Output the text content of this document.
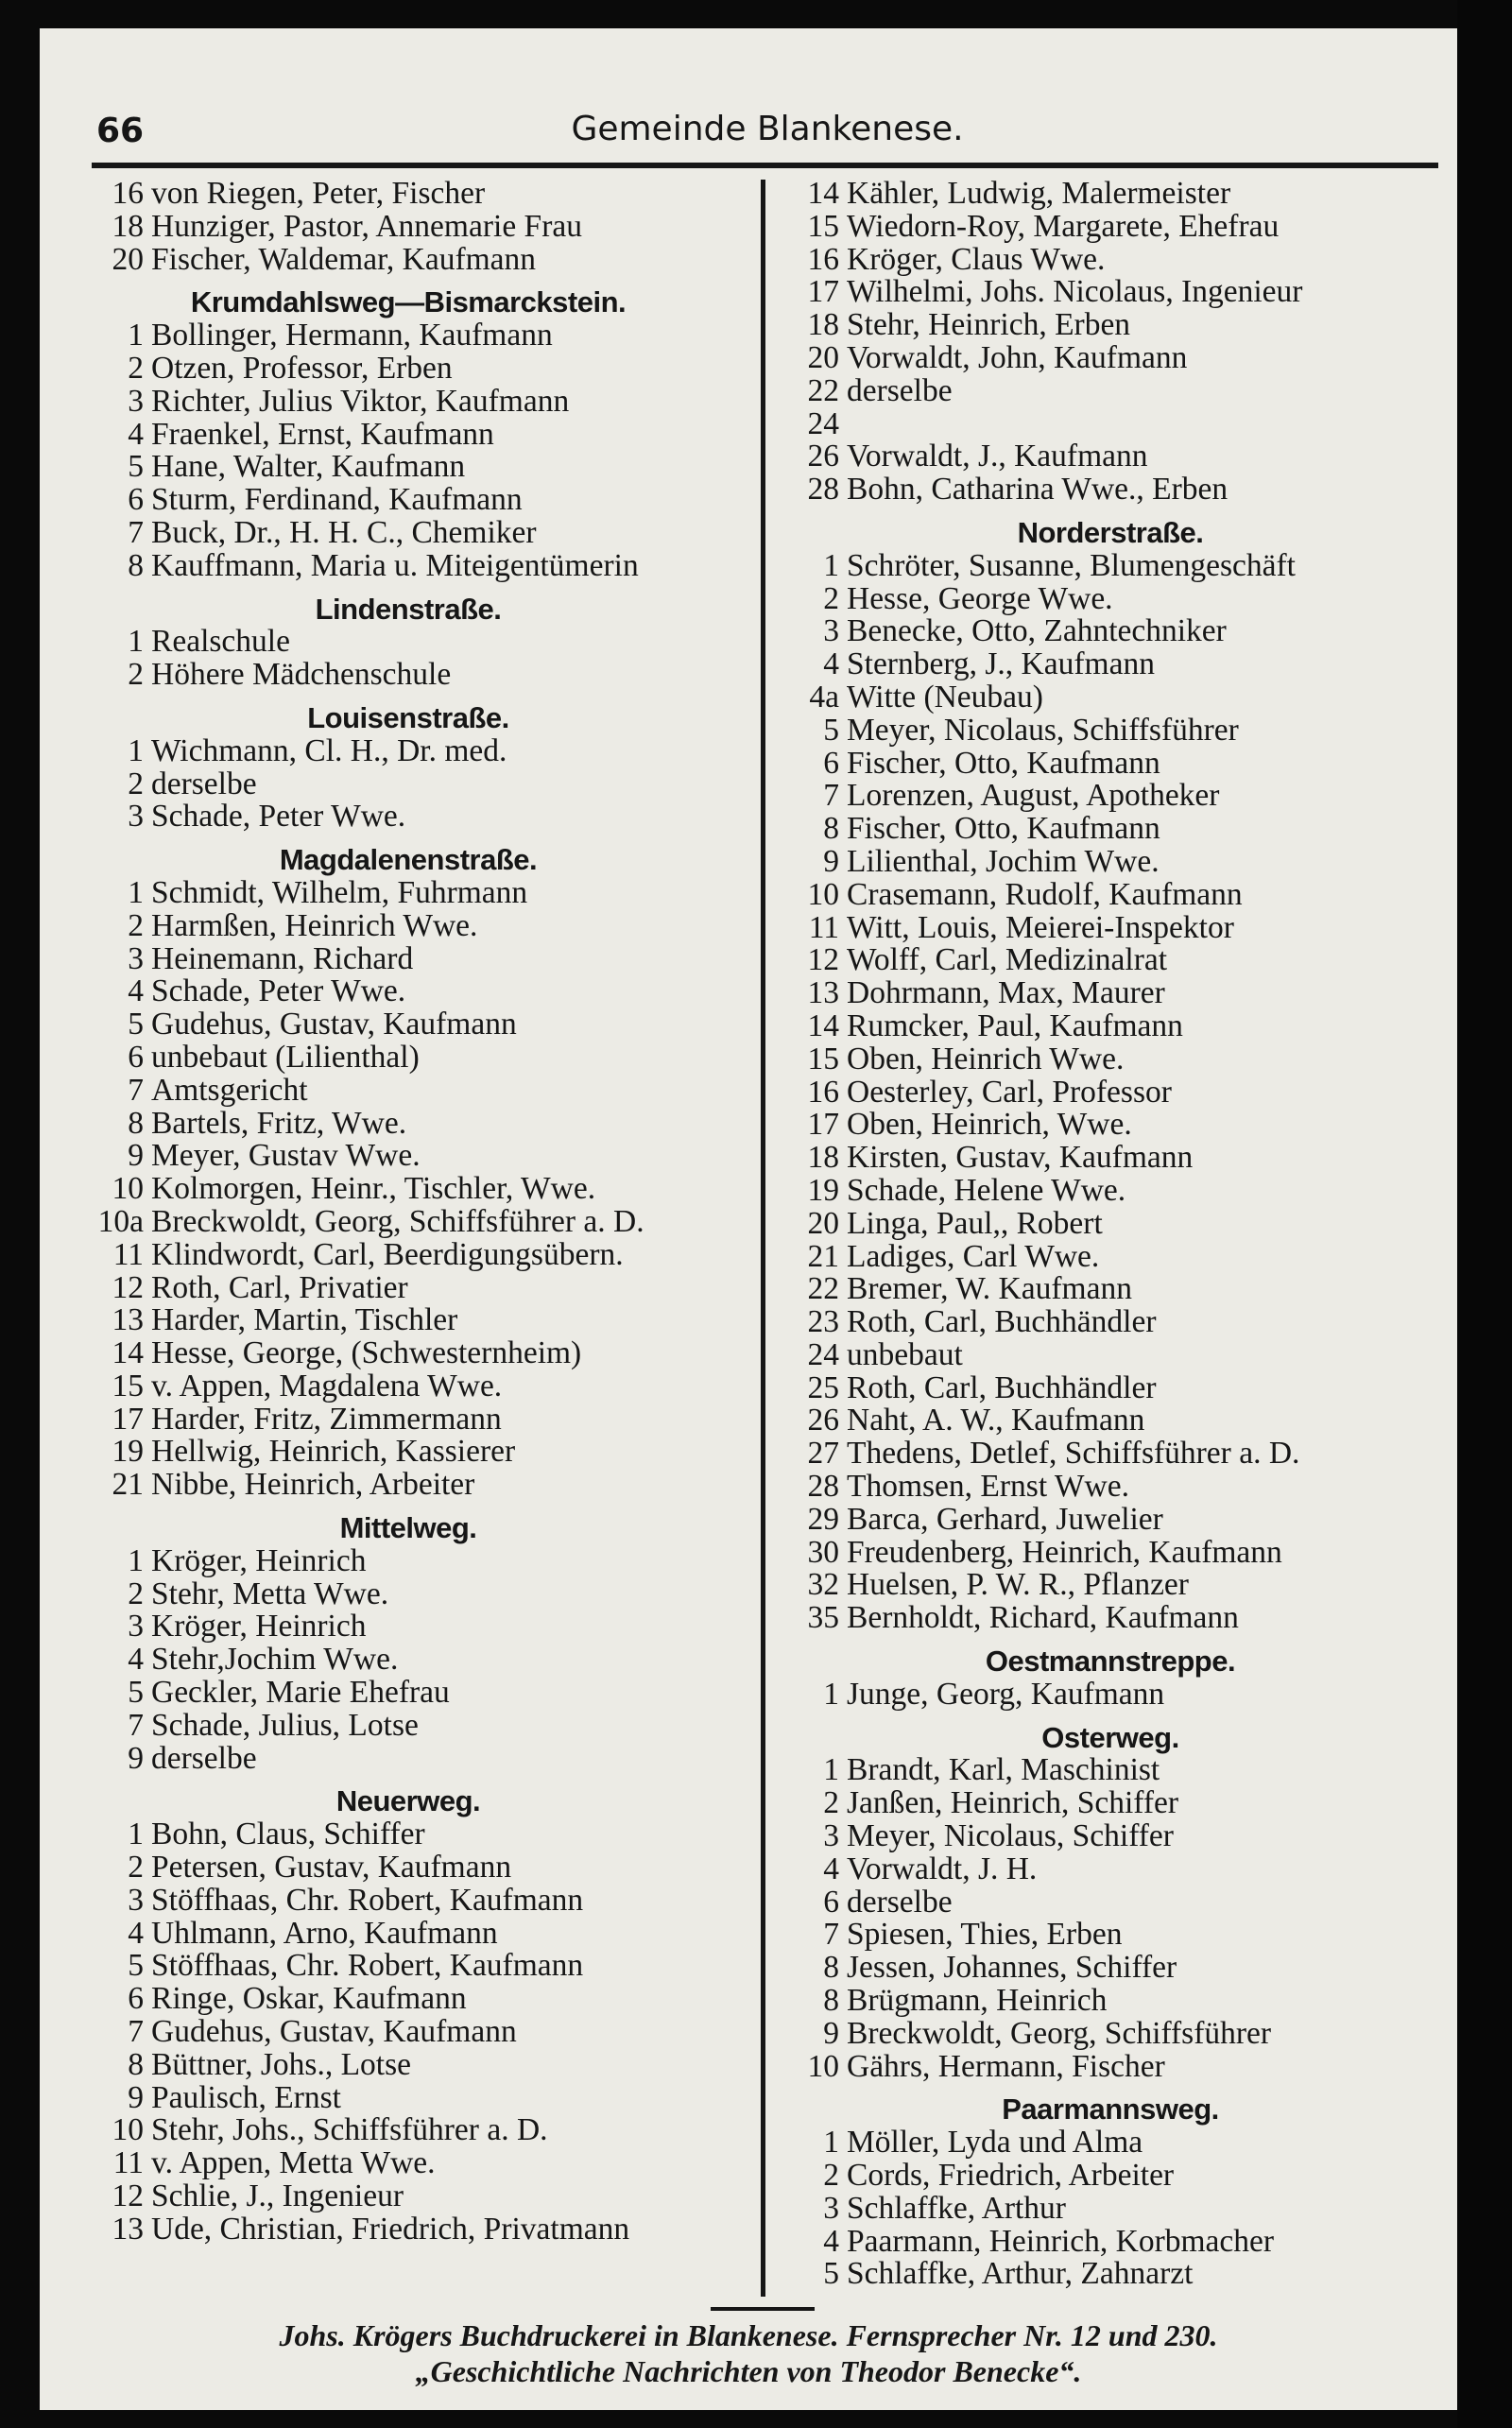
66	Gemeinde Blankenese.
16 von Riegen, Peter, Fischer
18 Hunziger, Pastor, Annemarie Frau
20 Fischer, Waldemar, Kaufmann
Krumdahlsweg—Bismarckstein.
1 Bollinger, Hermann, Kaufmann
2 Otzen, Professor, Erben
3 Richter, Julius Viktor, Kaufmann
4 Fraenkel, Ernst, Kaufmann
5 Hane, Walter, Kaufmann
6 Sturm, Ferdinand, Kaufmann
7 Buck, Dr., H. H. C., Chemiker
8 Kauffmann, Maria u. Miteigentümerin
Lindenstraße.
1 Realschule
2 Höhere Mädchenschule
Louisenstraße.
1 Wichmann, Cl. H., Dr. med.
2 derselbe
3 Schade, Peter Wwe.
Magdalenenstraße.
1 Schmidt, Wilhelm, Fuhrmann
2 Harmßen, Heinrich Wwe.
3 Heinemann, Richard
4 Schade, Peter Wwe.
5 Gudehus, Gustav, Kaufmann
6 unbebaut (Lilienthal)
7 Amtsgericht
8 Bartels, Fritz, Wwe.
9 Meyer, Gustav Wwe.
10 Kolmorgen, Heinr., Tischler, Wwe.
10a Breckwoldt, Georg, Schiffsführer a. D.
11 Klindwordt, Carl, Beerdigungsübern.
12 Roth, Carl, Privatier
13 Harder, Martin, Tischler
14 Hesse, George, (Schwesternheim)
15 v. Appen, Magdalena Wwe.
17 Harder, Fritz, Zimmermann
19 Hellwig, Heinrich, Kassierer
21 Nibbe, Heinrich, Arbeiter
Mittelweg.
1 Kröger, Heinrich
2 Stehr, Metta Wwe.
3 Kröger, Heinrich
4 Stehr,Jochim Wwe.
5 Geckler, Marie Ehefrau
7 Schade, Julius, Lotse
9 derselbe
Neuerweg.
1 Bohn, Claus, Schiffer
2 Petersen, Gustav, Kaufmann
3 Stöffhaas, Chr. Robert, Kaufmann
4 Uhlmann, Arno, Kaufmann
5 Stöffhaas, Chr. Robert, Kaufmann
6 Ringe, Oskar, Kaufmann
7 Gudehus, Gustav, Kaufmann
8 Büttner, Johs., Lotse
9 Paulisch, Ernst
10 Stehr, Johs., Schiffsführer a. D.
11 v. Appen, Metta Wwe.
12 Schlie, J., Ingenieur
13 Ude, Christian, Friedrich, Privatmann
14 Kähler, Ludwig, Malermeister
15 Wiedorn-Roy, Margarete, Ehefrau
16 Kröger, Claus Wwe.
17 Wilhelmi, Johs. Nicolaus, Ingenieur
18 Stehr, Heinrich, Erben
20 Vorwaldt, John, Kaufmann
22 derselbe
24
26 Vorwaldt, J., Kaufmann
28 Bohn, Catharina Wwe., Erben
Norderstraße.
1 Schröter, Susanne, Blumengeschäft
2 Hesse, George Wwe.
3 Benecke, Otto, Zahntechniker
4 Sternberg, J., Kaufmann
4a Witte (Neubau)
5 Meyer, Nicolaus, Schiffsführer
6 Fischer, Otto, Kaufmann
7 Lorenzen, August, Apotheker
8 Fischer, Otto, Kaufmann
9 Lilienthal, Jochim Wwe.
10 Crasemann, Rudolf, Kaufmann
11 Witt, Louis, Meierei-Inspektor
12 Wolff, Carl, Medizinalrat
13 Dohrmann, Max, Maurer
14 Rumcker, Paul, Kaufmann
15 Oben, Heinrich Wwe.
16 Oesterley, Carl, Professor
17 Oben, Heinrich, Wwe.
18 Kirsten, Gustav, Kaufmann
19 Schade, Helene Wwe.
20 Linga, Paul,, Robert
21 Ladiges, Carl Wwe.
22 Bremer, W. Kaufmann
23 Roth, Carl, Buchhändler
24 unbebaut
25 Roth, Carl, Buchhändler
26 Naht, A. W., Kaufmann
27 Thedens, Detlef, Schiffsführer a. D.
28 Thomsen, Ernst Wwe.
29 Barca, Gerhard, Juwelier
30 Freudenberg, Heinrich, Kaufmann
32 Huelsen, P. W. R., Pflanzer
35 Bernholdt, Richard, Kaufmann
Oestmannstreppe.
1 Junge, Georg, Kaufmann
Osterweg.
1 Brandt, Karl, Maschinist
2 Janßen, Heinrich, Schiffer
3 Meyer, Nicolaus, Schiffer
4 Vorwaldt, J. H.
6 derselbe
7 Spiesen, Thies, Erben
8 Jessen, Johannes, Schiffer
8 Brügmann, Heinrich
9 Breckwoldt, Georg, Schiffsführer
10 Gährs, Hermann, Fischer
Paarmannsweg.
1 Möller, Lyda und Alma
2 Cords, Friedrich, Arbeiter
3 Schlaffke, Arthur
4 Paarmann, Heinrich, Korbmacher
5 Schlaffke, Arthur, Zahnarzt
Johs. Krögers Buchdruckerei in Blankenese. Fernsprecher Nr. 12 und 230.
„Geschichtliche Nachrichten von Theodor Benecke“.
